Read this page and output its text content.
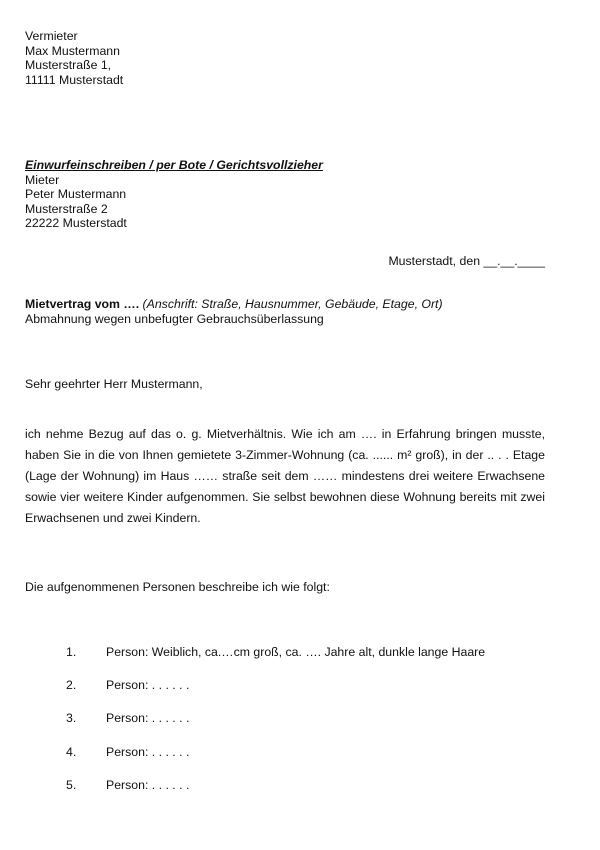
Vermieter
Max Mustermann
Musterstraße 1,
11111 Musterstadt
Einwurfeinschreiben / per Bote / Gerichtsvollzieher
Mieter
Peter Mustermann
Musterstraße 2
22222 Musterstadt
Musterstadt, den __.__.____
Mietvertrag vom …. (Anschrift: Straße, Hausnummer, Gebäude, Etage, Ort)
Abmahnung wegen unbefugter Gebrauchsüberlassung
Sehr geehrter Herr Mustermann,
ich nehme Bezug auf das o. g. Mietverhältnis. Wie ich am …. in Erfahrung bringen musste, haben Sie in die von Ihnen gemietete 3-Zimmer-Wohnung (ca. ...... m² groß), in der .. . . Etage (Lage der Wohnung) im Haus …… straße seit dem …… mindestens drei weitere Erwachsene sowie vier weitere Kinder aufgenommen. Sie selbst bewohnen diese Wohnung bereits mit zwei Erwachsenen und zwei Kindern.
Die aufgenommenen Personen beschreibe ich wie folgt:
1.	Person: Weiblich, ca.…cm groß, ca. …. Jahre alt, dunkle lange Haare
2.	Person: . . . . . .
3.	Person: . . . . . .
4.	Person: . . . . . .
5.	Person: . . . . . .
